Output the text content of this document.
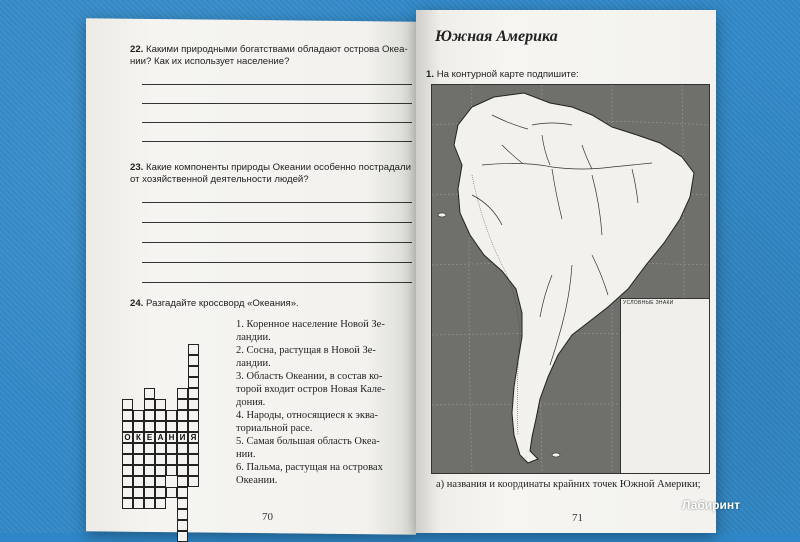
22. Какими природными богатствами обладают острова Океа-
нии? Как их использует население?
23. Какие компоненты природы Океании особенно пострадали
от хозяйственной деятельности людей?
24. Разгадайте кроссворд «Океания».
О К Е А Н И Я
1. Коренное население Новой Зе-
ландии.
2. Сосна, растущая в Новой Зе-
ландии.
3. Область Океании, в состав ко-
торой входит остров Новая Кале-
дония.
4. Народы, относящиеся к эква-
ториальной расе.
5. Самая большая область Океа-
нии.
6. Пальма, растущая на островах
Океании.
70
Южная Америка
1. На контурной карте подпишите:
УСЛОВНЫЕ ЗНАКИ
а) названия и координаты крайних точек Южной Америки;
71
Лабиринт
